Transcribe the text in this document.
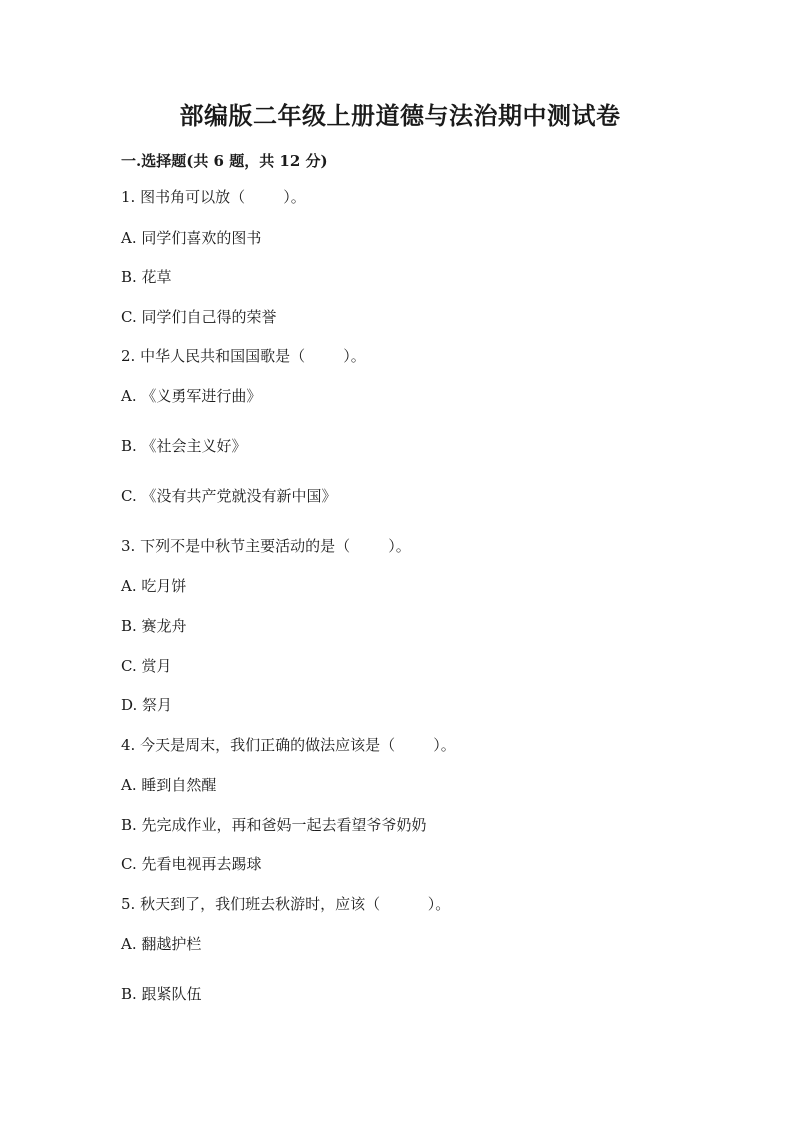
部编版二年级上册道德与法治期中测试卷
一.选择题(共 6 题，共 12 分)
1. 图书角可以放（        ）。
A. 同学们喜欢的图书
B. 花草
C. 同学们自己得的荣誉
2. 中华人民共和国国歌是（        ）。
A. 《义勇军进行曲》
B. 《社会主义好》
C. 《没有共产党就没有新中国》
3. 下列不是中秋节主要活动的是（        ）。
A. 吃月饼
B. 赛龙舟
C. 赏月
D. 祭月
4. 今天是周末，我们正确的做法应该是（        ）。
A. 睡到自然醒
B. 先完成作业，再和爸妈一起去看望爷爷奶奶
C. 先看电视再去踢球
5. 秋天到了，我们班去秋游时，应该（          ）。
A. 翻越护栏
B. 跟紧队伍
